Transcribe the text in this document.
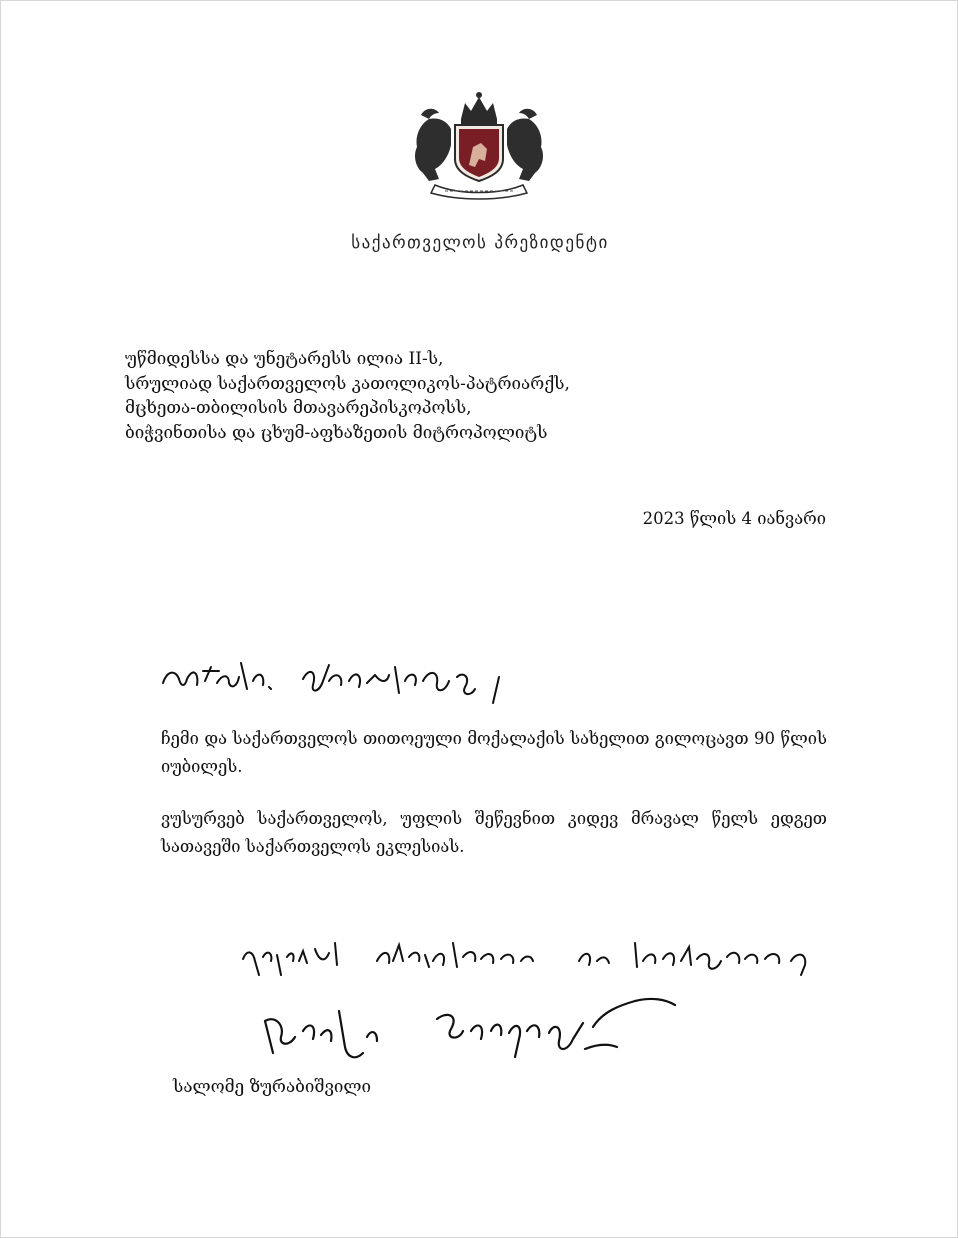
საქართველოს პრეზიდენტი
უწმიდესსა და უნეტარესს ილია II-ს,
სრულიად საქართველოს კათოლიკოს-პატრიარქს,
მცხეთა-თბილისის მთავარეპისკოპოსს,
ბიჭვინთისა და ცხუმ-აფხაზეთის მიტროპოლიტს
2023 წლის 4 იანვარი
ჩემი და საქართველოს თითოეული მოქალაქის სახელით გილოცავთ 90 წლის იუბილეს.
ვუსურვებ საქართველოს, უფლის შეწევნით კიდევ მრავალ წელს ედგეთ სათავეში საქართველოს ეკლესიას.
სალომე ზურაბიშვილი
